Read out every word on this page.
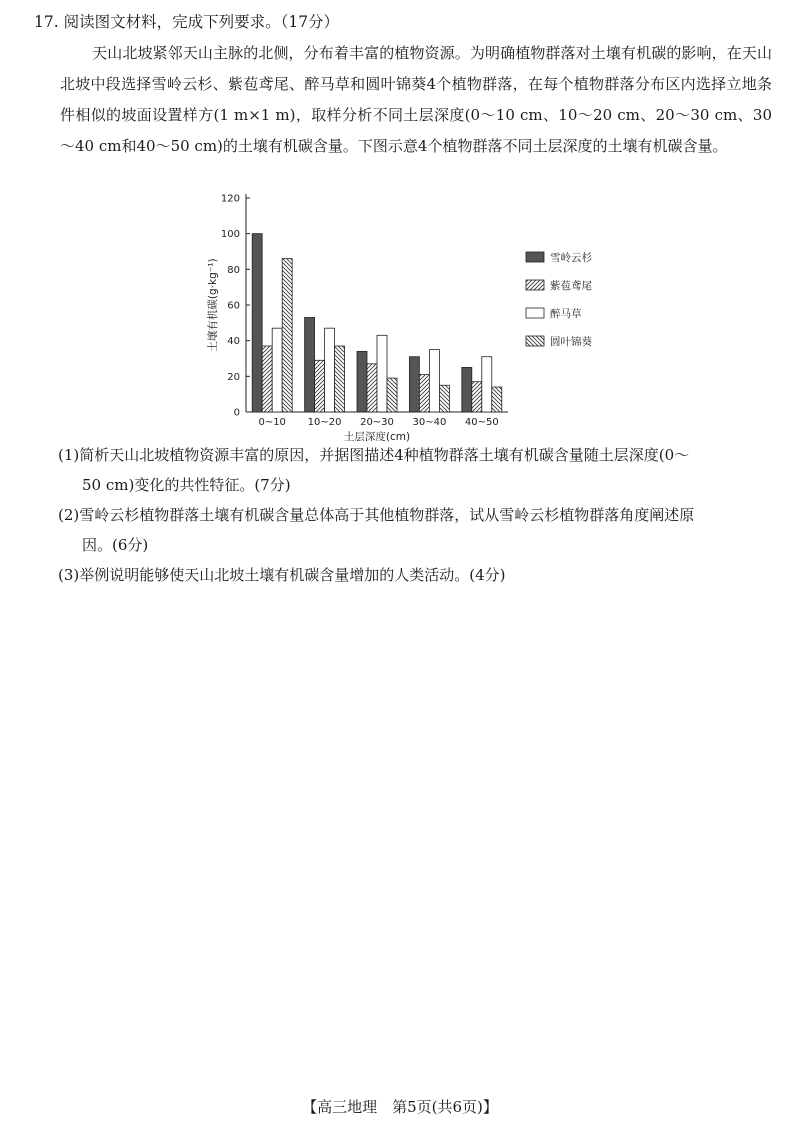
17. 阅读图文材料，完成下列要求。（17分）
天山北坡紧邻天山主脉的北侧，分布着丰富的植物资源。为明确植物群落对土壤有机碳的影响，在天山北坡中段选择雪岭云杉、紫苞鸢尾、醉马草和圆叶锦葵4个植物群落，在每个植物群落分布区内选择立地条件相似的坡面设置样方(1 m×1 m)，取样分析不同土层深度(0～10 cm、10～20 cm、20～30 cm、30～40 cm和40～50 cm)的土壤有机碳含量。下图示意4个植物群落不同土层深度的土壤有机碳含量。
0
20
40
60
80
100
120
土壤有机碳(g·kg⁻¹)
土层深度(cm)
0~10 10~20 20~30 30~40 40~50
雪岭云杉
紫苞鸢尾
醉马草
圆叶锦葵
(1)简析天山北坡植物资源丰富的原因，并据图描述4种植物群落土壤有机碳含量随土层深度(0～
50 cm)变化的共性特征。(7分)
(2)雪岭云杉植物群落土壤有机碳含量总体高于其他植物群落，试从雪岭云杉植物群落角度阐述原
因。(6分)
(3)举例说明能够使天山北坡土壤有机碳含量增加的人类活动。(4分)
【高三地理　第5页(共6页)】
